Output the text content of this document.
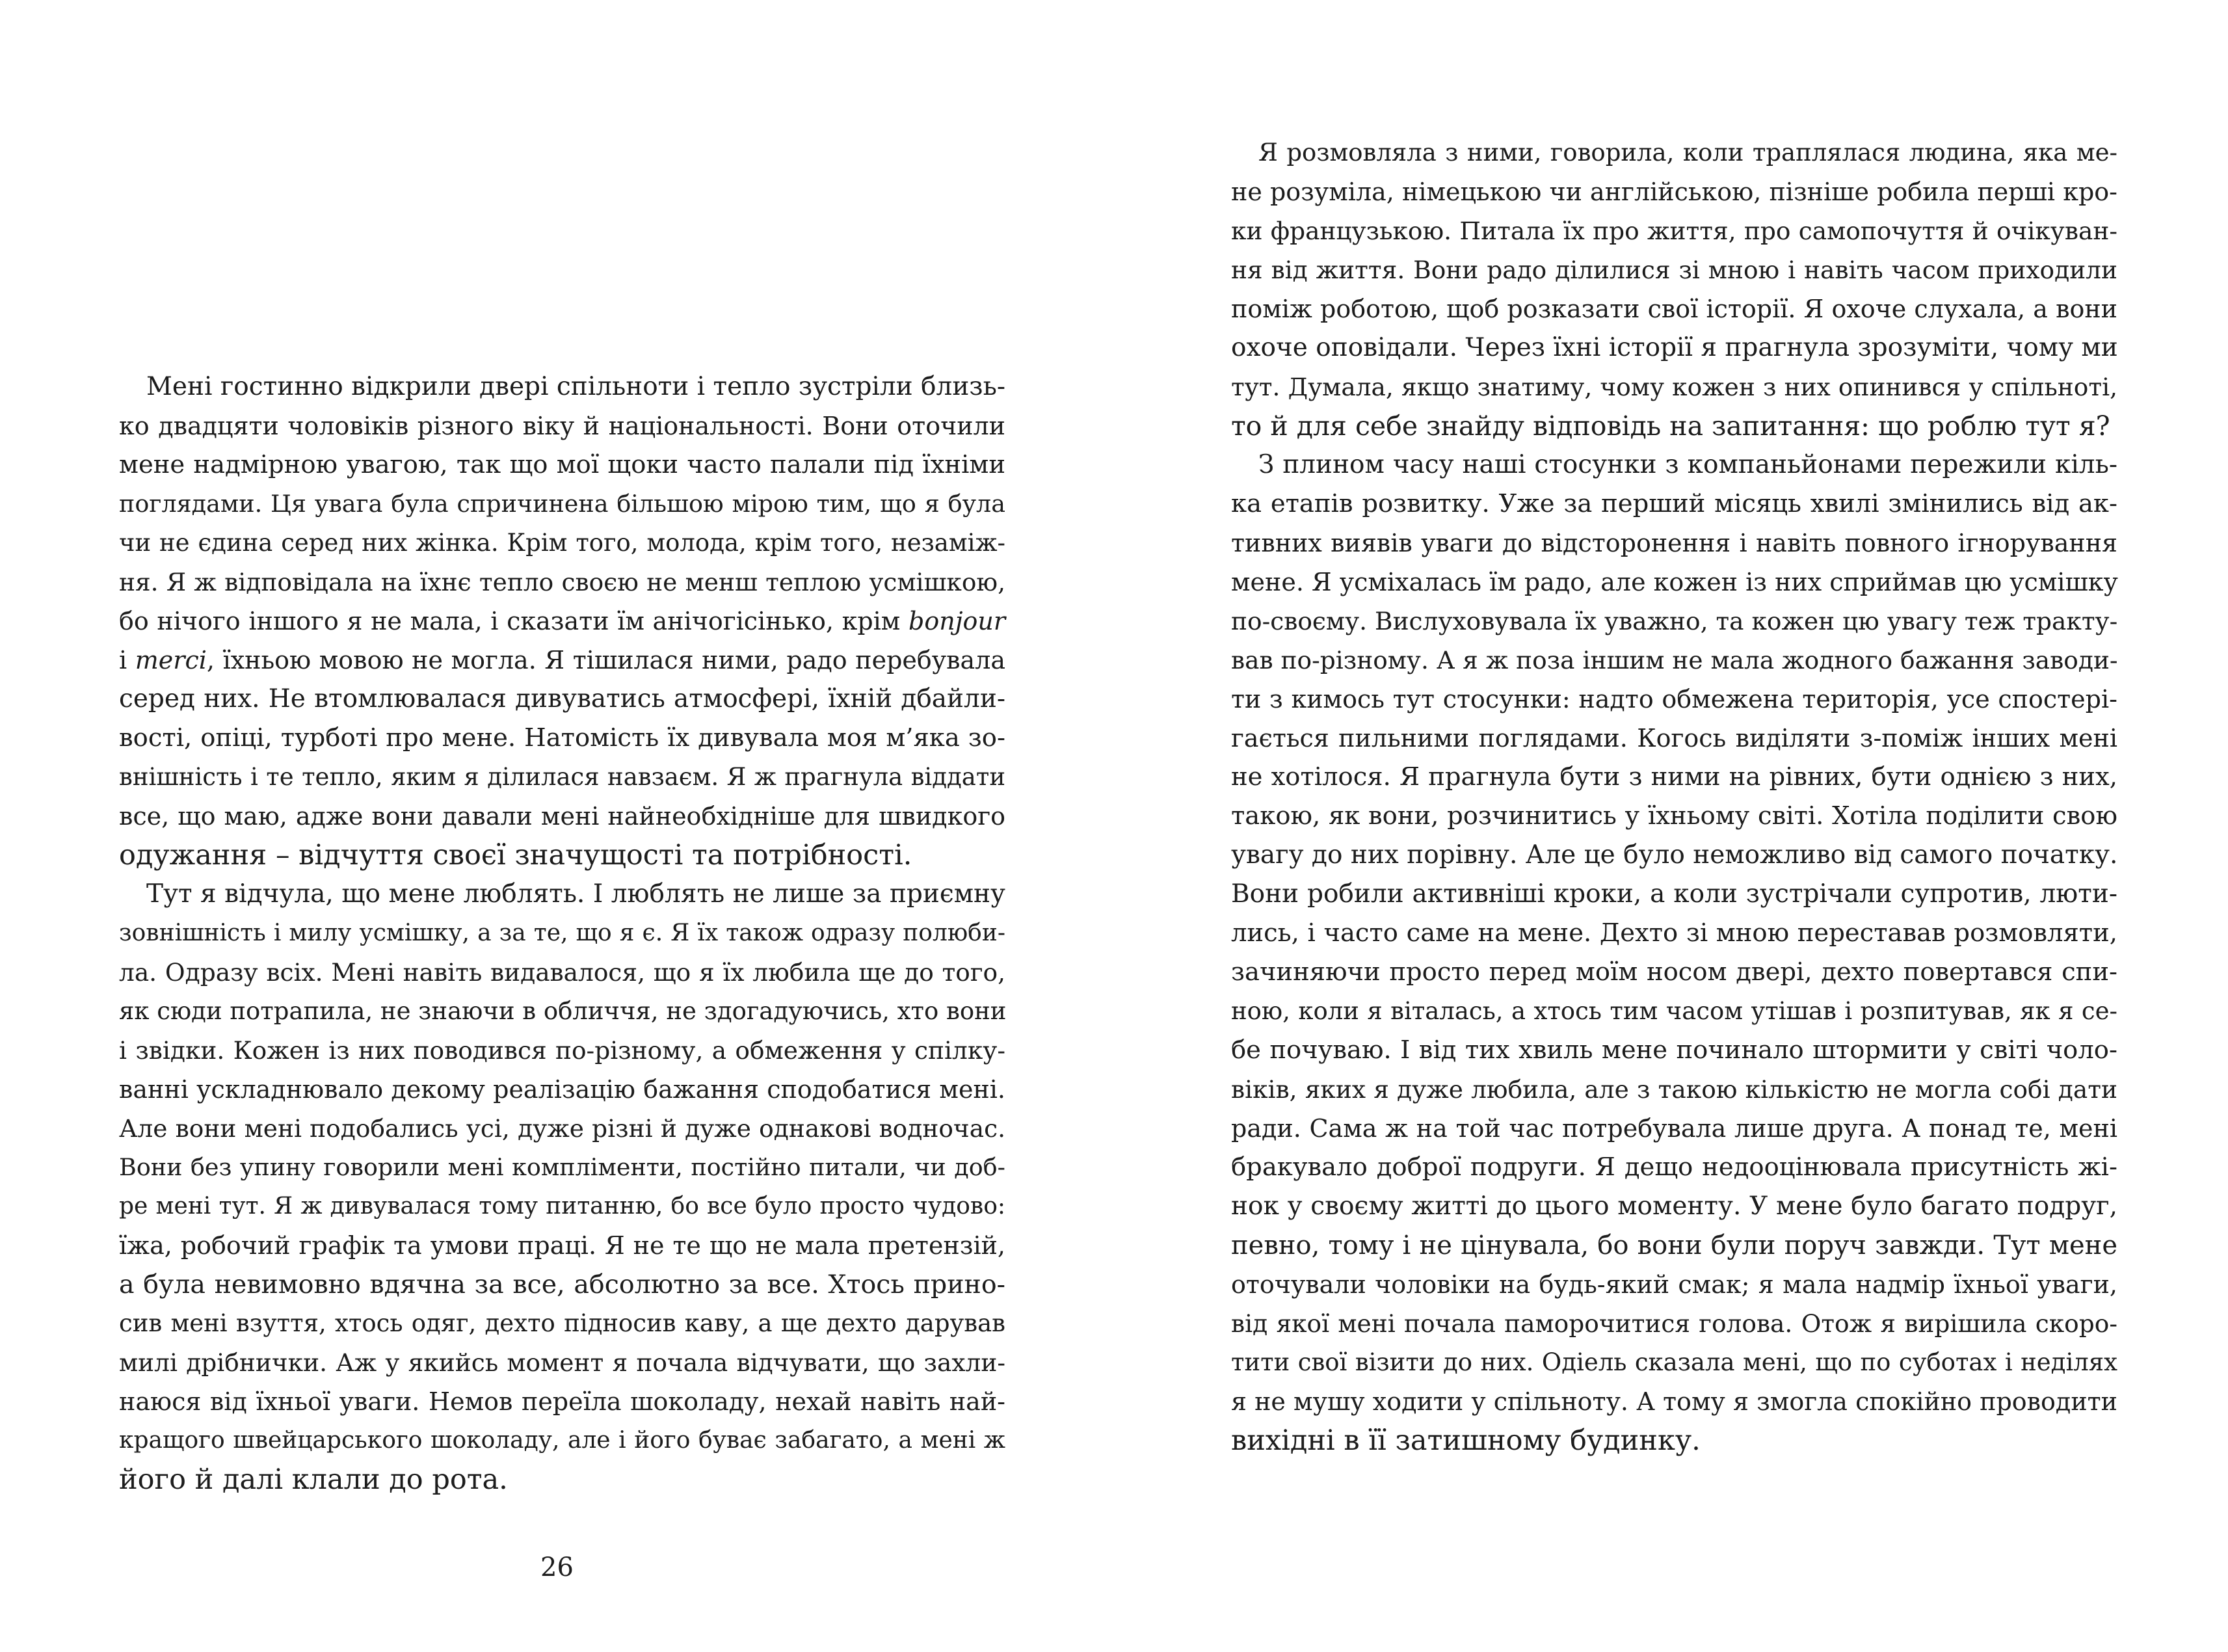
Мені гостинно відкрили двері спільноти і тепло зустріли близь-

ко двадцяти чоловіків різного віку й національності. Вони оточили

мене надмірною увагою, так що мої щоки часто палали під їхніми

поглядами. Ця увага була спричинена більшою мірою тим, що я була

чи не єдина серед них жінка. Крім того, молода, крім того, незаміж-

ня. Я ж відповідала на їхнє тепло своєю не менш теплою усмішкою,

бо нічого іншого я не мала, і сказати їм анічогісінько, крім bonjour

і merci, їхньою мовою не могла. Я тішилася ними, радо перебувала

серед них. Не втомлювалася дивуватись атмосфері, їхній дбайли-

вості, опіці, турботі про мене. Натомість їх дивувала моя м’яка зо-

внішність і те тепло, яким я ділилася навзаєм. Я ж прагнула віддати

все, що маю, адже вони давали мені найнеобхідніше для швидкого

одужання – відчуття своєї значущості та потрібності.

Тут я відчула, що мене люблять. І люблять не лише за приємну

зовнішність і милу усмішку, а за те, що я є. Я їх також одразу полюби-

ла. Одразу всіх. Мені навіть видавалося, що я їх любила ще до того,

як сюди потрапила, не знаючи в обличчя, не здогадуючись, хто вони

і звідки. Кожен із них поводився по-різному, а обмеження у спілку-

ванні ускладнювало декому реалізацію бажання сподобатися мені.

Але вони мені подобались усі, дуже різні й дуже однакові водночас.

Вони без упину говорили мені компліменти, постійно питали, чи доб-

ре мені тут. Я ж дивувалася тому питанню, бо все було просто чудово:

їжа, робочий графік та умови праці. Я не те що не мала претензій,

а була невимовно вдячна за все, абсолютно за все. Хтось прино-

сив мені взуття, хтось одяг, дехто підносив каву, а ще дехто дарував

милі дрібнички. Аж у якийсь момент я почала відчувати, що захли-

наюся від їхньої уваги. Немов переїла шоколаду, нехай навіть най-

кращого швейцарського шоколаду, але і його буває забагато, а мені ж

його й далі клали до рота.

26

Я розмовляла з ними, говорила, коли траплялася людина, яка ме-

не розуміла, німецькою чи англійською, пізніше робила перші кро-

ки французькою. Питала їх про життя, про самопочуття й очікуван-

ня від життя. Вони радо ділилися зі мною і навіть часом приходили

поміж роботою, щоб розказати свої історії. Я охоче слухала, а вони

охоче оповідали. Через їхні історії я прагнула зрозуміти, чому ми

тут. Думала, якщо знатиму, чому кожен з них опинився у спільноті,

то й для себе знайду відповідь на запитання: що роблю тут я?

З плином часу наші стосунки з компаньйонами пережили кіль-

ка етапів розвитку. Уже за перший місяць хвилі змінились від ак-

тивних виявів уваги до відсторонення і навіть повного ігнорування

мене. Я усміхалась їм радо, але кожен із них сприймав цю усмішку

по-своєму. Вислуховувала їх уважно, та кожен цю увагу теж тракту-

вав по-різному. А я ж поза іншим не мала жодного бажання заводи-

ти з кимось тут стосунки: надто обмежена територія, усе спостері-

гається пильними поглядами. Когось виділяти з-поміж інших мені

не хотілося. Я прагнула бути з ними на рівних, бути однією з них,

такою, як вони, розчинитись у їхньому світі. Хотіла поділити свою

увагу до них порівну. Але це було неможливо від самого початку.

Вони робили активніші кроки, а коли зустрічали супротив, люти-

лись, і часто саме на мене. Дехто зі мною переставав розмовляти,

зачиняючи просто перед моїм носом двері, дехто повертався спи-

ною, коли я віталась, а хтось тим часом утішав і розпитував, як я се-

бе почуваю. І від тих хвиль мене починало штормити у світі чоло-

віків, яких я дуже любила, але з такою кількістю не могла собі дати

ради. Сама ж на той час потребувала лише друга. А понад те, мені

бракувало доброї подруги. Я дещо недооцінювала присутність жі-

нок у своєму житті до цього моменту. У мене було багато подруг,

певно, тому і не цінувала, бо вони були поруч завжди. Тут мене

оточували чоловіки на будь-який смак; я мала надмір їхньої уваги,

від якої мені почала паморочитися голова. Отож я вирішила скоро-

тити свої візити до них. Одіель сказала мені, що по суботах і неділях

я не мушу ходити у спільноту. А тому я змогла спокійно проводити

вихідні в її затишному будинку.
